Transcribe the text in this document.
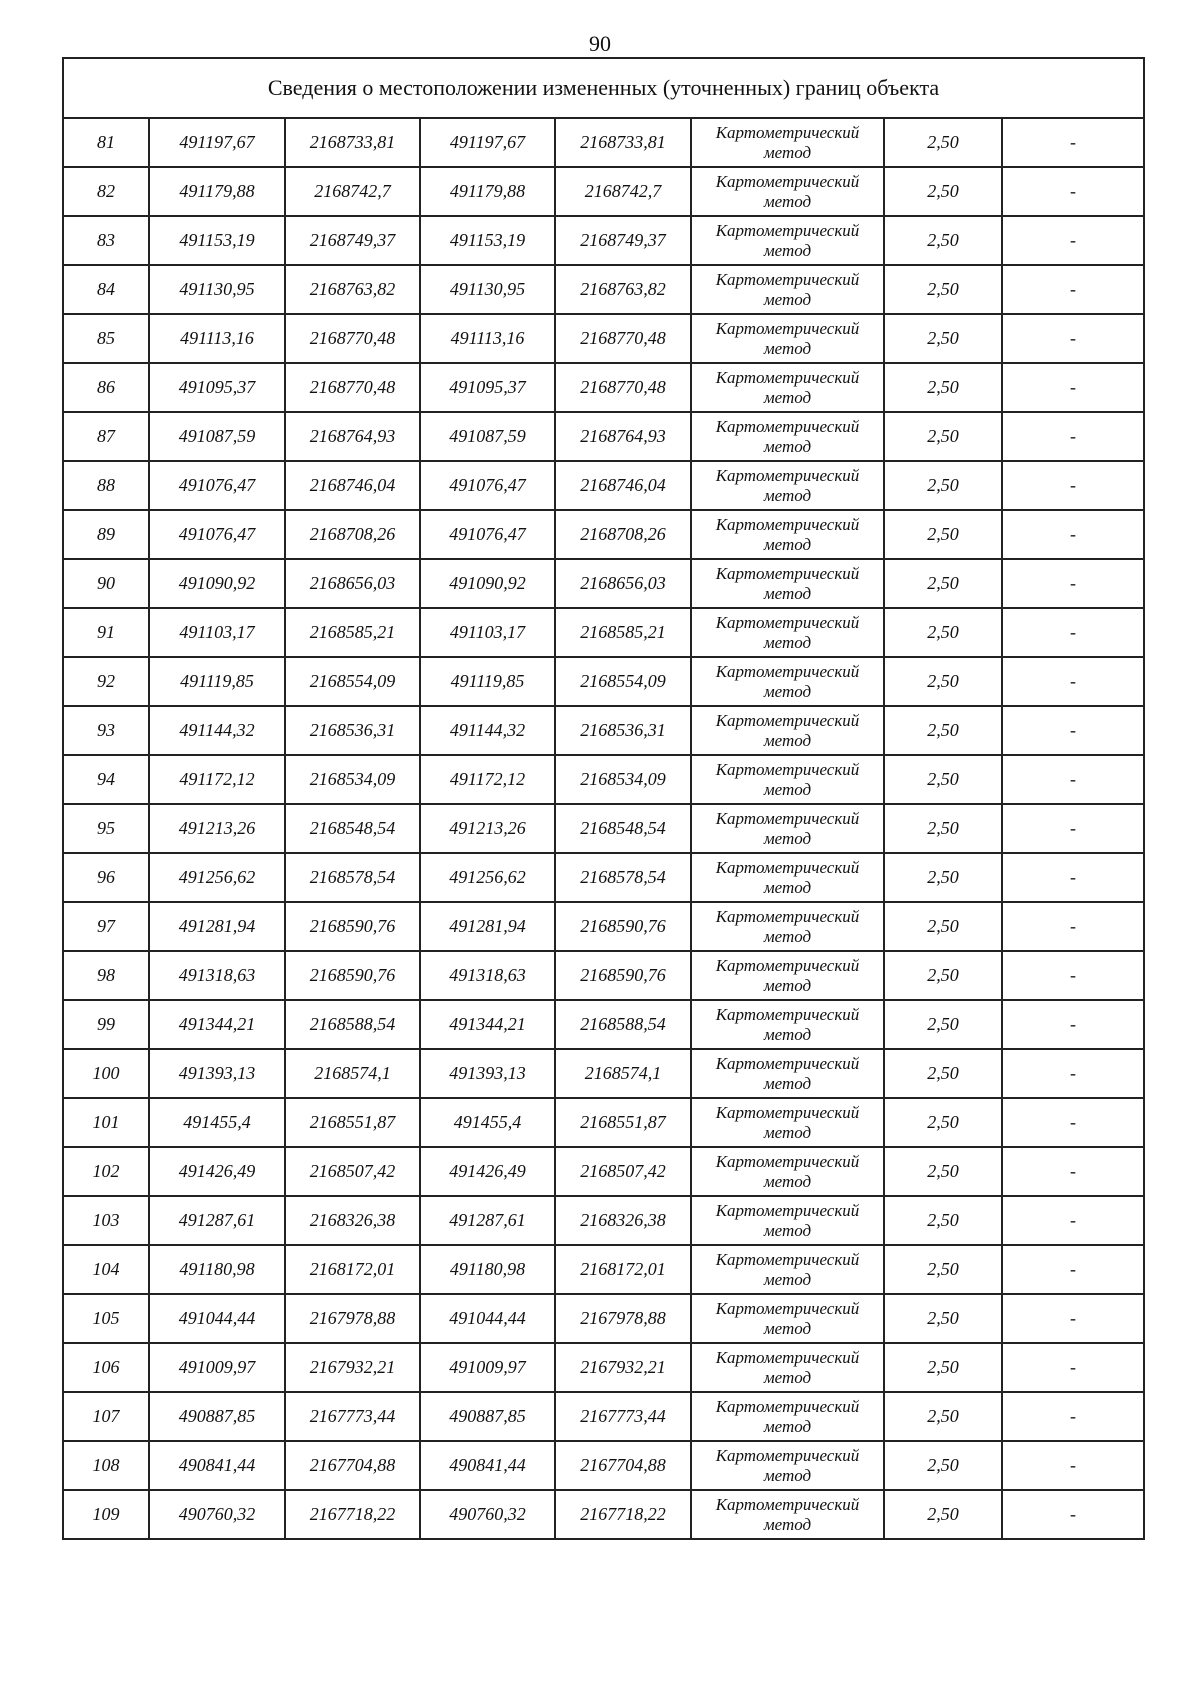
90
Сведения о местоположении измененных (уточненных) границ объекта							
81	491197,67	2168733,81	491197,67	2168733,81	Картометрический
метод	2,50	-
82	491179,88	2168742,7	491179,88	2168742,7	Картометрический
метод	2,50	-
83	491153,19	2168749,37	491153,19	2168749,37	Картометрический
метод	2,50	-
84	491130,95	2168763,82	491130,95	2168763,82	Картометрический
метод	2,50	-
85	491113,16	2168770,48	491113,16	2168770,48	Картометрический
метод	2,50	-
86	491095,37	2168770,48	491095,37	2168770,48	Картометрический
метод	2,50	-
87	491087,59	2168764,93	491087,59	2168764,93	Картометрический
метод	2,50	-
88	491076,47	2168746,04	491076,47	2168746,04	Картометрический
метод	2,50	-
89	491076,47	2168708,26	491076,47	2168708,26	Картометрический
метод	2,50	-
90	491090,92	2168656,03	491090,92	2168656,03	Картометрический
метод	2,50	-
91	491103,17	2168585,21	491103,17	2168585,21	Картометрический
метод	2,50	-
92	491119,85	2168554,09	491119,85	2168554,09	Картометрический
метод	2,50	-
93	491144,32	2168536,31	491144,32	2168536,31	Картометрический
метод	2,50	-
94	491172,12	2168534,09	491172,12	2168534,09	Картометрический
метод	2,50	-
95	491213,26	2168548,54	491213,26	2168548,54	Картометрический
метод	2,50	-
96	491256,62	2168578,54	491256,62	2168578,54	Картометрический
метод	2,50	-
97	491281,94	2168590,76	491281,94	2168590,76	Картометрический
метод	2,50	-
98	491318,63	2168590,76	491318,63	2168590,76	Картометрический
метод	2,50	-
99	491344,21	2168588,54	491344,21	2168588,54	Картометрический
метод	2,50	-
100	491393,13	2168574,1	491393,13	2168574,1	Картометрический
метод	2,50	-
101	491455,4	2168551,87	491455,4	2168551,87	Картометрический
метод	2,50	-
102	491426,49	2168507,42	491426,49	2168507,42	Картометрический
метод	2,50	-
103	491287,61	2168326,38	491287,61	2168326,38	Картометрический
метод	2,50	-
104	491180,98	2168172,01	491180,98	2168172,01	Картометрический
метод	2,50	-
105	491044,44	2167978,88	491044,44	2167978,88	Картометрический
метод	2,50	-
106	491009,97	2167932,21	491009,97	2167932,21	Картометрический
метод	2,50	-
107	490887,85	2167773,44	490887,85	2167773,44	Картометрический
метод	2,50	-
108	490841,44	2167704,88	490841,44	2167704,88	Картометрический
метод	2,50	-
109	490760,32	2167718,22	490760,32	2167718,22	Картометрический
метод	2,50	-
